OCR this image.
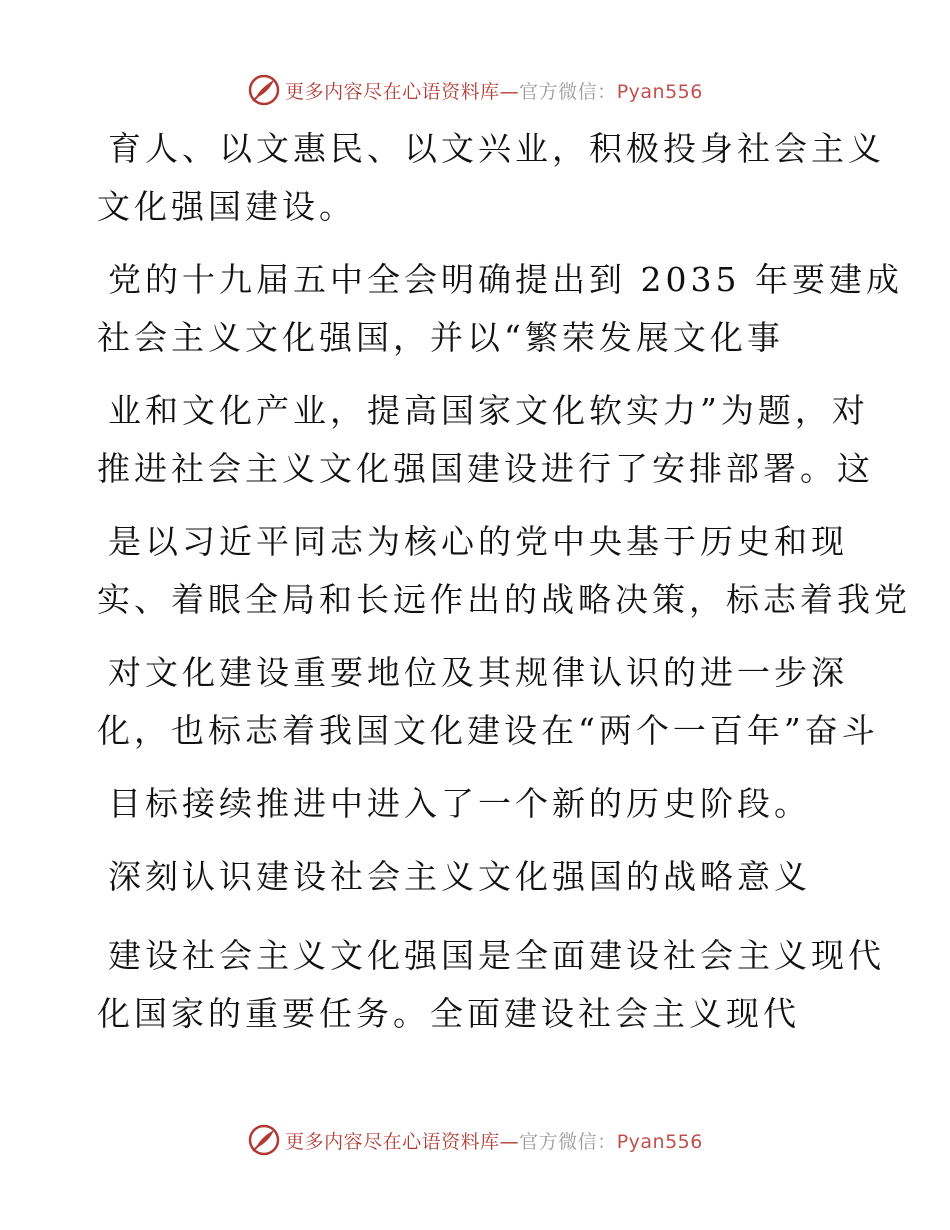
更多内容尽在心语资料库—官方微信：Pyan556
育人、以文惠民、以文兴业，积极投身社会主义
文化强国建设。
党的十九届五中全会明确提出到 2035 年要建成
社会主义文化强国，并以“繁荣发展文化事
业和文化产业，提高国家文化软实力”为题，对
推进社会主义文化强国建设进行了安排部署。这
是以习近平同志为核心的党中央基于历史和现
实、着眼全局和长远作出的战略决策，标志着我党
对文化建设重要地位及其规律认识的进一步深
化，也标志着我国文化建设在“两个一百年”奋斗
目标接续推进中进入了一个新的历史阶段。
深刻认识建设社会主义文化强国的战略意义
建设社会主义文化强国是全面建设社会主义现代
化国家的重要任务。全面建设社会主义现代
更多内容尽在心语资料库—官方微信：Pyan556
